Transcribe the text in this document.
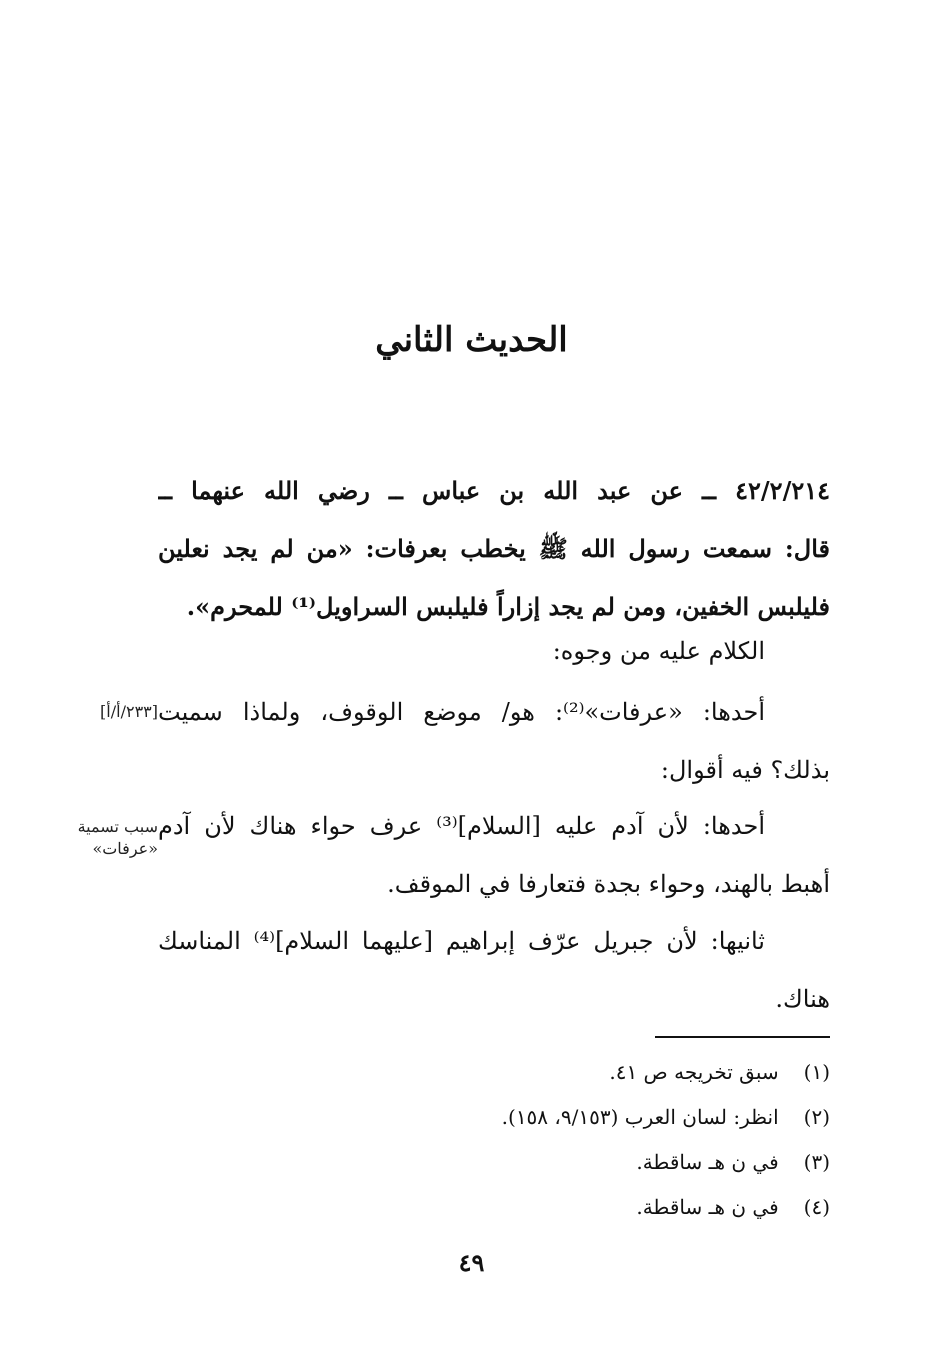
الحديث الثاني
٤٢/٢/٢١٤ ــ عن عبد الله بن عباس ــ رضي الله عنهما ــ
قال: سمعت رسول الله ﷺ يخطب بعرفات: «من لم يجد نعلين
فليلبس الخفين، ومن لم يجد إزاراً فليلبس السراويل⁽¹⁾ للمحرم».
الكلام عليه من وجوه:
أحدها: «عرفات»⁽²⁾: هو/ موضع الوقوف، ولماذا سميت
بذلك؟ فيه أقوال:
[٢٣٣/أ/أ]
سبب تسمية
«عرفات»
أحدها: لأن آدم عليه [السلام]⁽³⁾ عرف حواء هناك لأن آدم
أهبط بالهند، وحواء بجدة فتعارفا في الموقف.
ثانيها: لأن جبريل عرّف إبراهيم [عليهما السلام]⁽⁴⁾ المناسك
هناك.
(١) سبق تخريجه ص ٤١.
(٢) انظر: لسان العرب (٩/١٥٣، ١٥٨).
(٣) في ن هـ ساقطة.
(٤) في ن هـ ساقطة.
٤٩
